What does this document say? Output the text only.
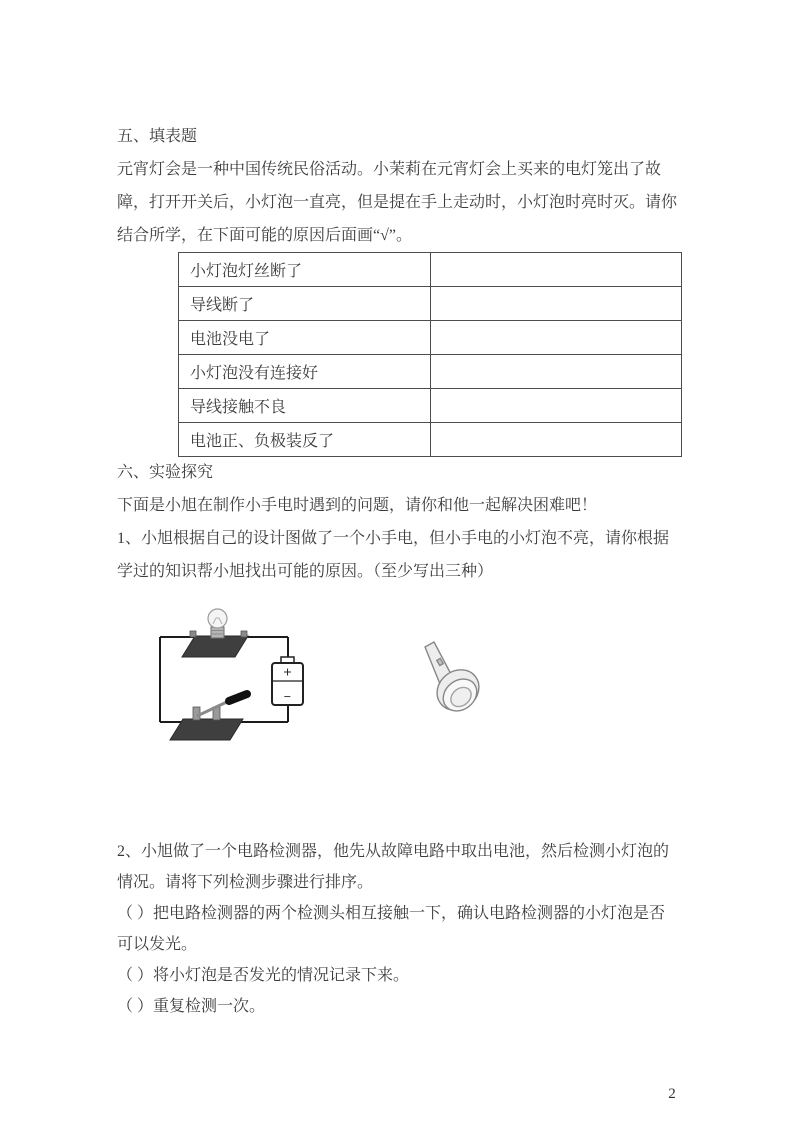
五、填表题
元宵灯会是一种中国传统民俗活动。小茉莉在元宵灯会上买来的电灯笼出了故
障，打开开关后，小灯泡一直亮，但是提在手上走动时，小灯泡时亮时灭。请你
结合所学，在下面可能的原因后面画“√”。
小灯泡灯丝断了	
导线断了	
电池没电了	
小灯泡没有连接好	
导线接触不良	
电池正、负极装反了	
六、实验探究
下面是小旭在制作小手电时遇到的问题，请你和他一起解决困难吧！
1、小旭根据自己的设计图做了一个小手电，但小手电的小灯泡不亮，请你根据
学过的知识帮小旭找出可能的原因。（至少写出三种）
+
−
2、小旭做了一个电路检测器，他先从故障电路中取出电池，然后检测小灯泡的
情况。请将下列检测步骤进行排序。
（ ）把电路检测器的两个检测头相互接触一下，确认电路检测器的小灯泡是否
可以发光。
（ ）将小灯泡是否发光的情况记录下来。
（ ）重复检测一次。
2
